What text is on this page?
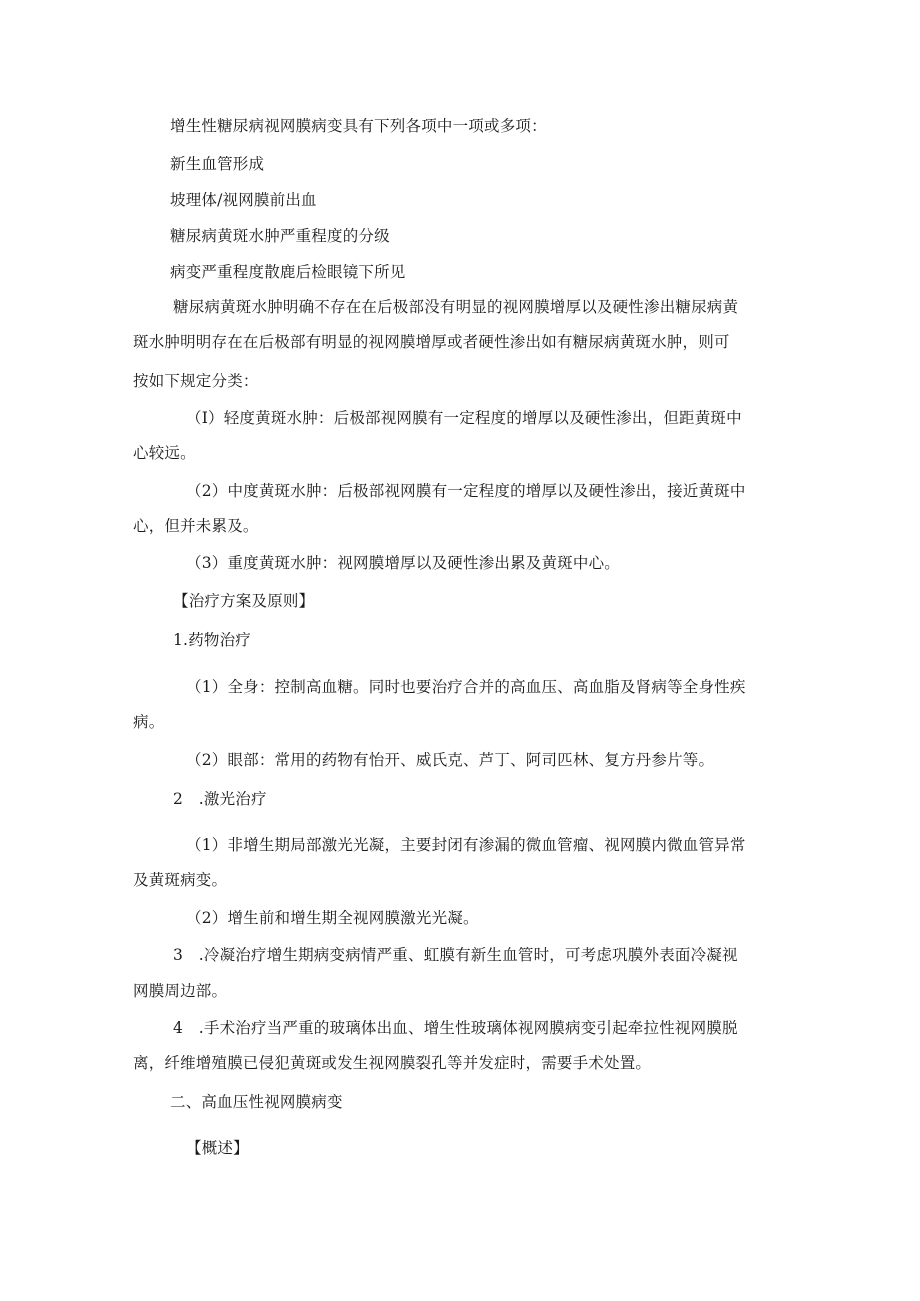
增生性糖尿病视网膜病变具有下列各项中一项或多项：
新生血管形成
坡理体/视网膜前出血
糖尿病黄斑水肿严重程度的分级
病变严重程度散鹿后检眼镜下所见
糖尿病黄斑水肿明确不存在在后极部没有明显的视网膜增厚以及硬性渗出糖尿病黄
斑水肿明明存在在后极部有明显的视网膜增厚或者硬性渗出如有糖尿病黄斑水肿，则可
按如下规定分类：
（I）轻度黄斑水肿：后极部视网膜有一定程度的增厚以及硬性渗出，但距黄斑中
心较远。
（2）中度黄斑水肿：后极部视网膜有一定程度的增厚以及硬性渗出，接近黄斑中
心，但并未累及。
（3）重度黄斑水肿：视网膜增厚以及硬性渗出累及黄斑中心。
【治疗方案及原则】
1.药物治疗
（1）全身：控制高血糖。同时也要治疗合并的高血压、高血脂及肾病等全身性疾
病。
（2）眼部：常用的药物有怡开、威氏克、芦丁、阿司匹林、复方丹参片等。
2　.激光治疗
（1）非增生期局部激光光凝，主要封闭有渗漏的微血管瘤、视网膜内微血管异常
及黄斑病变。
（2）增生前和增生期全视网膜激光光凝。
3　.冷凝治疗增生期病变病情严重、虹膜有新生血管时，可考虑巩膜外表面冷凝视
网膜周边部。
4　.手术治疗当严重的玻璃体出血、增生性玻璃体视网膜病变引起牵拉性视网膜脱
离，纤维增殖膜已侵犯黄斑或发生视网膜裂孔等并发症时，需要手术处置。
二、高血压性视网膜病变
【概述】
